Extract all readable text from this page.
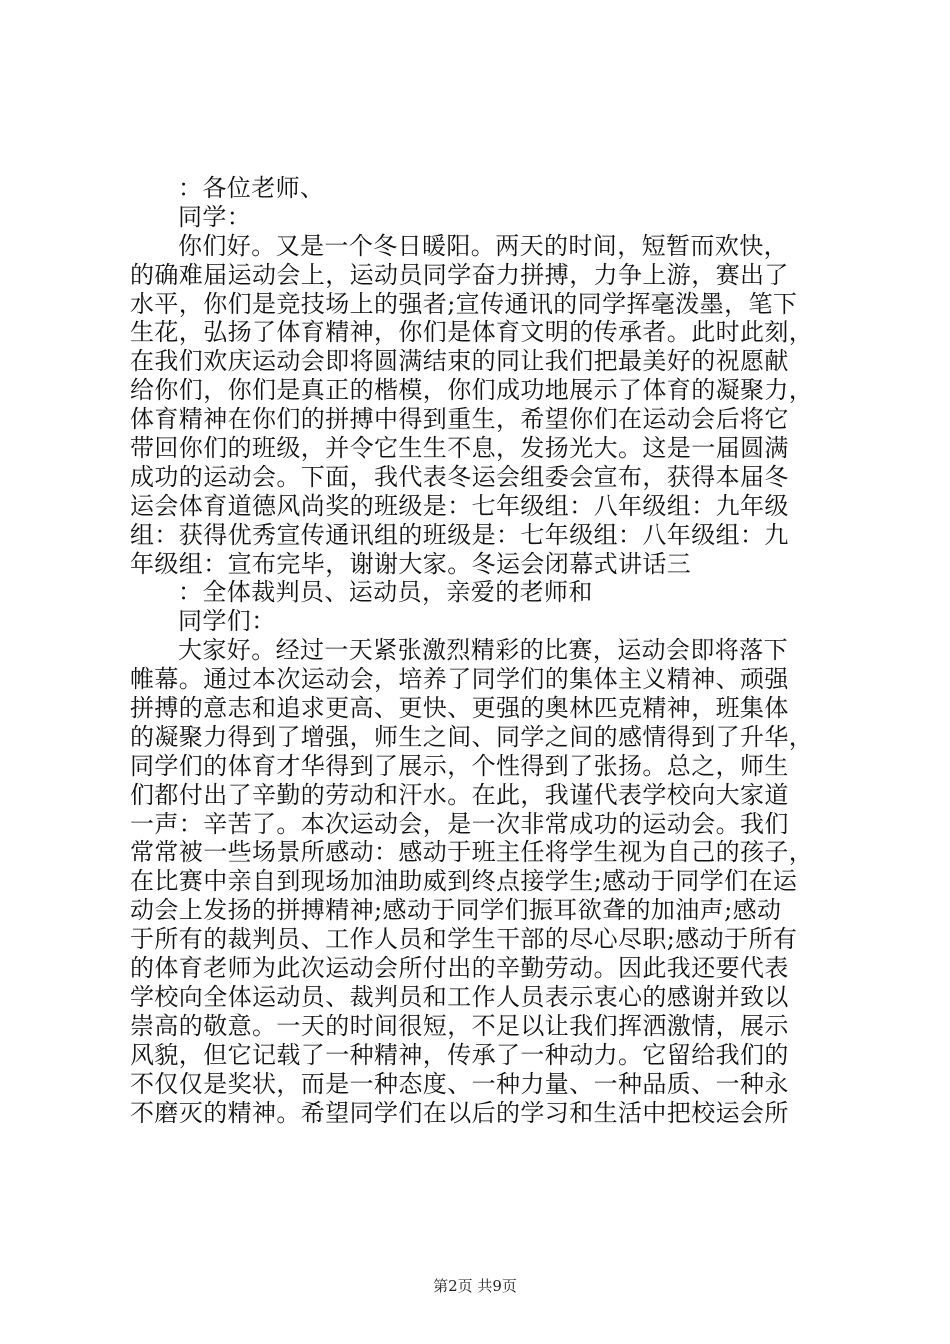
：各位老师、
同学：
你们好。又是一个冬日暖阳。两天的时间，短暂而欢快，
的确难届运动会上，运动员同学奋力拼搏，力争上游，赛出了
水平，你们是竞技场上的强者;宣传通讯的同学挥毫泼墨，笔下
生花，弘扬了体育精神，你们是体育文明的传承者。此时此刻，
在我们欢庆运动会即将圆满结束的同让我们把最美好的祝愿献
给你们，你们是真正的楷模，你们成功地展示了体育的凝聚力，
体育精神在你们的拼搏中得到重生，希望你们在运动会后将它
带回你们的班级，并令它生生不息，发扬光大。这是一届圆满
成功的运动会。下面，我代表冬运会组委会宣布，获得本届冬
运会体育道德风尚奖的班级是：七年级组：八年级组：九年级
组：获得优秀宣传通讯组的班级是：七年级组：八年级组：九
年级组：宣布完毕，谢谢大家。冬运会闭幕式讲话三
：全体裁判员、运动员，亲爱的老师和
同学们：
大家好。经过一天紧张激烈精彩的比赛，运动会即将落下
帷幕。通过本次运动会，培养了同学们的集体主义精神、顽强
拼搏的意志和追求更高、更快、更强的奥林匹克精神，班集体
的凝聚力得到了增强，师生之间、同学之间的感情得到了升华，
同学们的体育才华得到了展示，个性得到了张扬。总之，师生
们都付出了辛勤的劳动和汗水。在此，我谨代表学校向大家道
一声：辛苦了。本次运动会，是一次非常成功的运动会。我们
常常被一些场景所感动：感动于班主任将学生视为自己的孩子，
在比赛中亲自到现场加油助威到终点接学生;感动于同学们在运
动会上发扬的拼搏精神;感动于同学们振耳欲聋的加油声;感动
于所有的裁判员、工作人员和学生干部的尽心尽职;感动于所有
的体育老师为此次运动会所付出的辛勤劳动。因此我还要代表
学校向全体运动员、裁判员和工作人员表示衷心的感谢并致以
崇高的敬意。一天的时间很短，不足以让我们挥洒激情，展示
风貌，但它记载了一种精神，传承了一种动力。它留给我们的
不仅仅是奖状，而是一种态度、一种力量、一种品质、一种永
不磨灭的精神。希望同学们在以后的学习和生活中把校运会所
第2页 共9页
